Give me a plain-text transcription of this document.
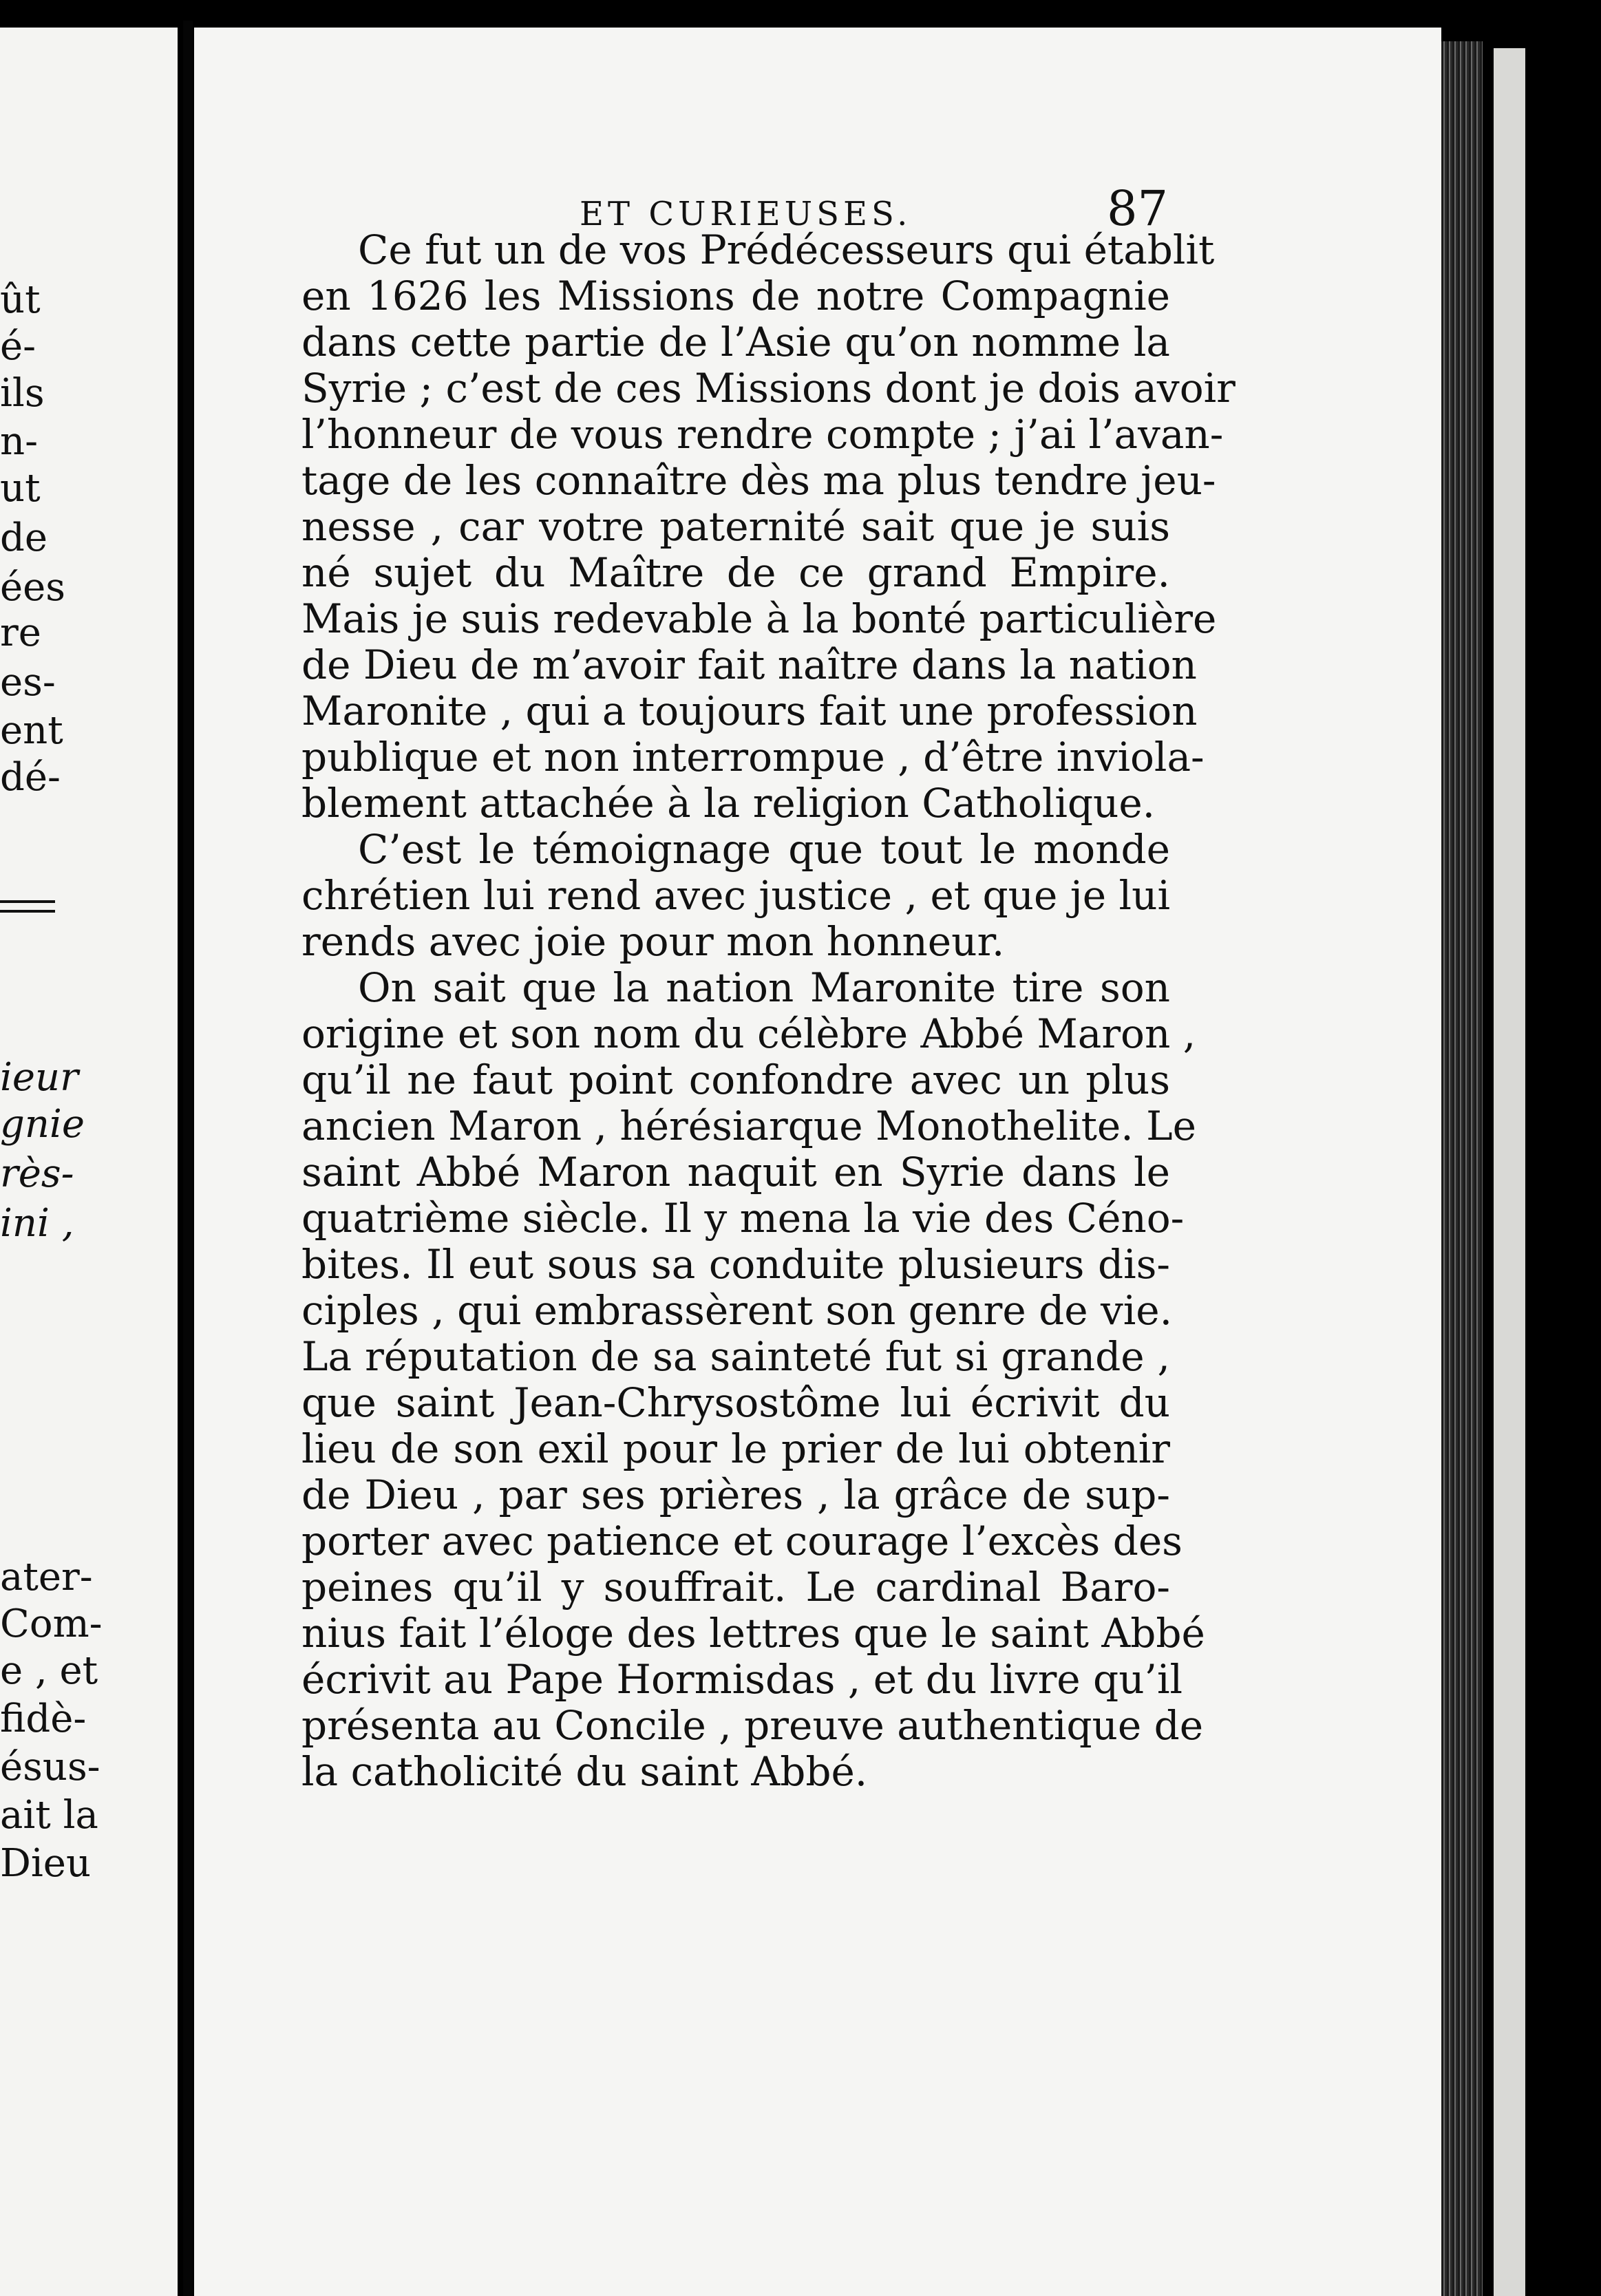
ût
é-
ils
n-
ut
de
ées
re
es-
ent
dé-
ieur
gnie
rès-
ini ,
ater-
Com-
e , et
fidè-
ésus-
ait la
Dieu
ET CURIEUSES.	87
Ce fut un de vos Prédécesseurs qui établit
en 1626 les Missions de notre Compagnie
dans cette partie de l’Asie qu’on nomme la
Syrie ; c’est de ces Missions dont je dois avoir
l’honneur de vous rendre compte ; j’ai l’avan-
tage de les connaître dès ma plus tendre jeu-
nesse , car votre paternité sait que je suis
né sujet du Maître de ce grand Empire.
Mais je suis redevable à la bonté particulière
de Dieu de m’avoir fait naître dans la nation
Maronite , qui a toujours fait une profession
publique et non interrompue , d’être inviola-
blement attachée à la religion Catholique.
C’est le témoignage que tout le monde
chrétien lui rend avec justice , et que je lui
rends avec joie pour mon honneur.
On sait que la nation Maronite tire son
origine et son nom du célèbre Abbé Maron ,
qu’il ne faut point confondre avec un plus
ancien Maron , hérésiarque Monothelite. Le
saint Abbé Maron naquit en Syrie dans le
quatrième siècle. Il y mena la vie des Céno-
bites. Il eut sous sa conduite plusieurs dis-
ciples , qui embrassèrent son genre de vie.
La réputation de sa sainteté fut si grande ,
que saint Jean-Chrysostôme lui écrivit du
lieu de son exil pour le prier de lui obtenir
de Dieu , par ses prières , la grâce de sup-
porter avec patience et courage l’excès des
peines qu’il y souffrait. Le cardinal Baro-
nius fait l’éloge des lettres que le saint Abbé
écrivit au Pape Hormisdas , et du livre qu’il
présenta au Concile , preuve authentique de
la catholicité du saint Abbé.
